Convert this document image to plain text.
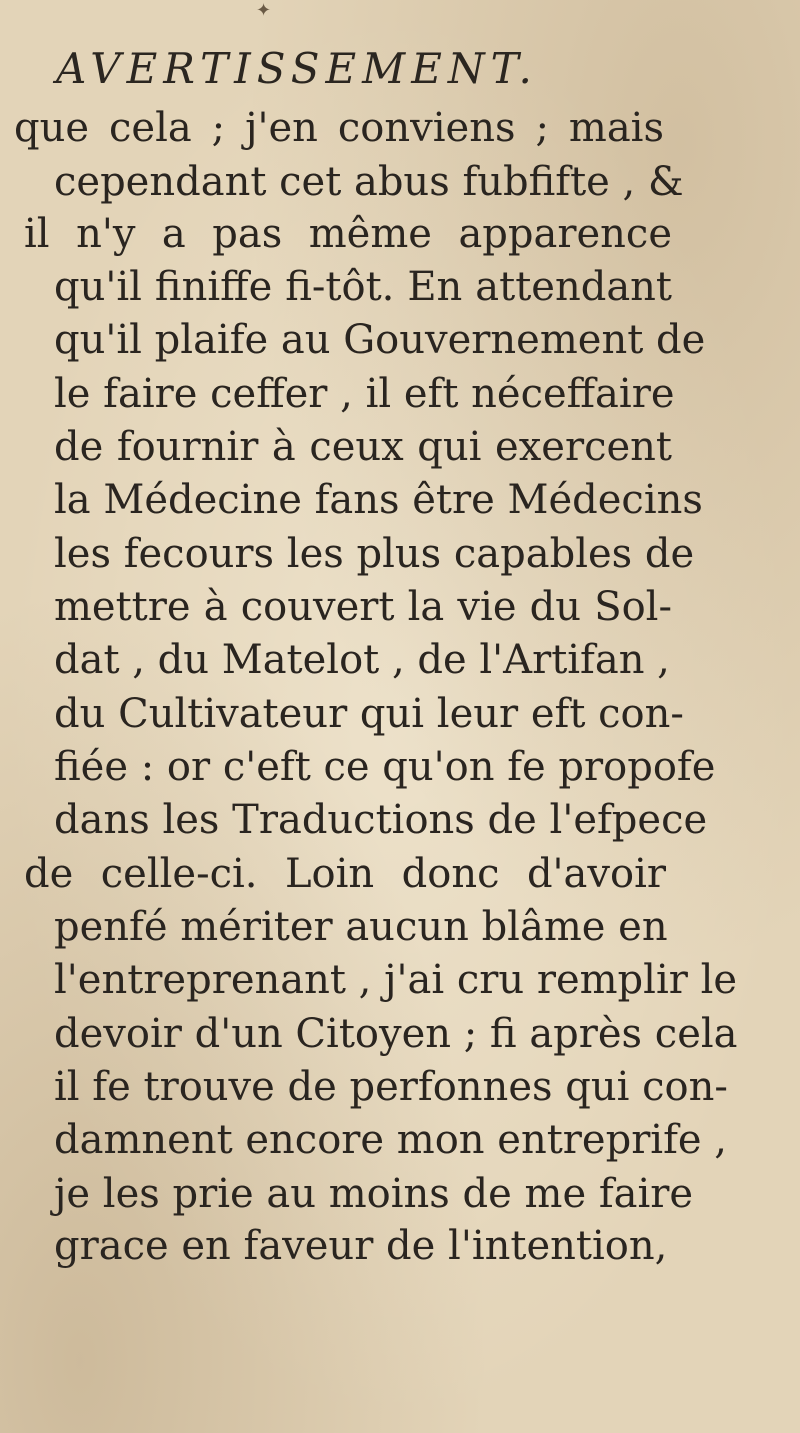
✦
AVERTISSEMENT.
que cela ; j'en conviens ; mais
cependant cet abus fubfifte , &
il n'y a pas même apparence
qu'il finiffe fi-tôt. En attendant
qu'il plaife au Gouvernement de
le faire ceffer , il eft néceffaire
de fournir à ceux qui exercent
la Médecine fans être Médecins
les fecours les plus capables de
mettre à couvert la vie du Sol-
dat , du Matelot , de l'Artifan ,
du Cultivateur qui leur eft con-
fiée : or c'eft ce qu'on fe propofe
dans les Traductions de l'efpece
de celle-ci. Loin donc d'avoir
penfé mériter aucun blâme en
l'entreprenant , j'ai cru remplir le
devoir d'un Citoyen ; fi après cela
il fe trouve de perfonnes qui con-
damnent encore mon entreprife ,
je les prie au moins de me faire
grace en faveur de l'intention,
